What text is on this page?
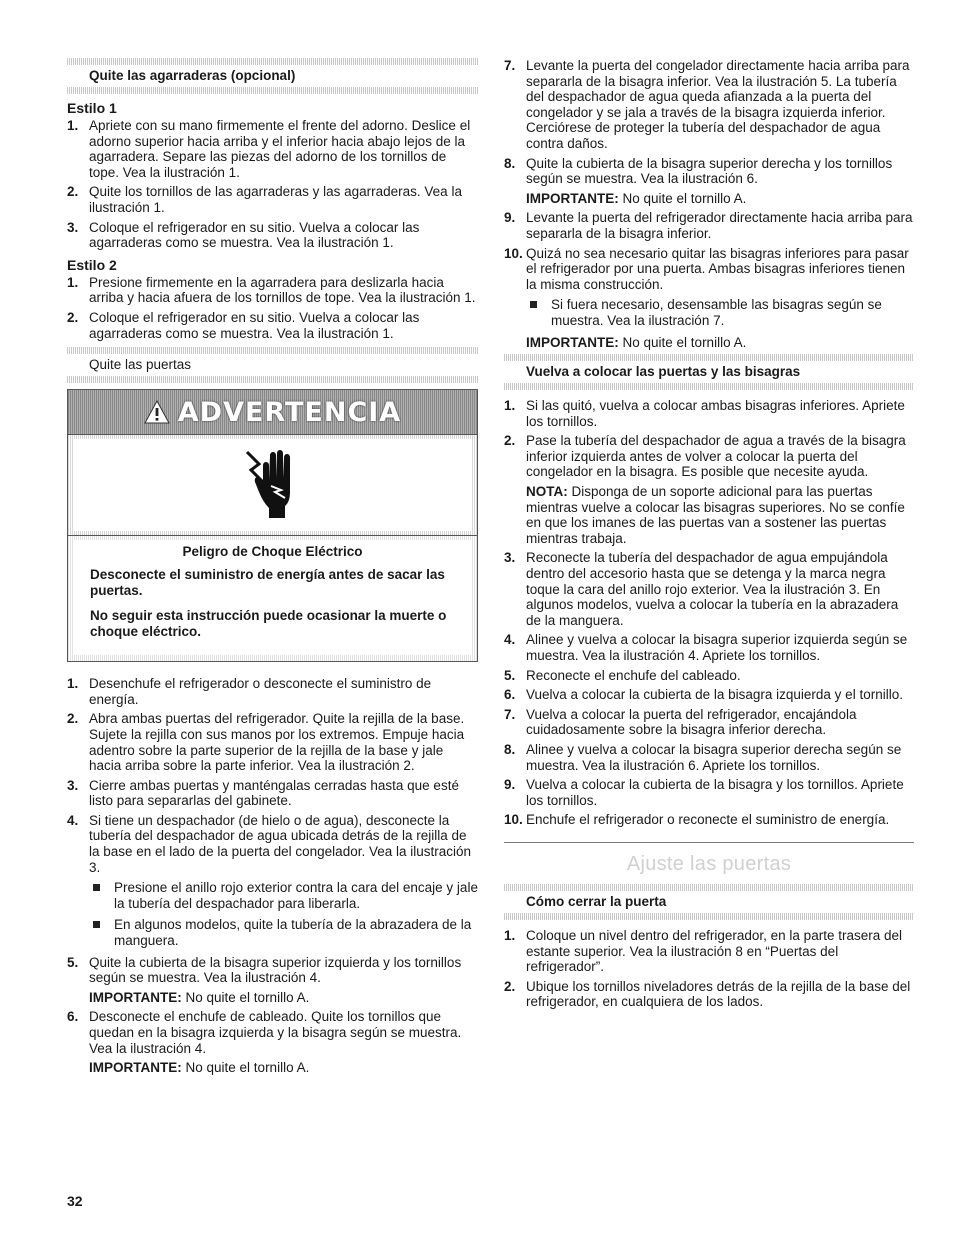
Quite las agarraderas (opcional)
Estilo 1
1. Apriete con su mano firmemente el frente del adorno. Deslice el adorno superior hacia arriba y el inferior hacia abajo lejos de la agarradera. Separe las piezas del adorno de los tornillos de tope. Vea la ilustración 1.
2. Quite los tornillos de las agarraderas y las agarraderas. Vea la ilustración 1.
3. Coloque el refrigerador en su sitio. Vuelva a colocar las agarraderas como se muestra. Vea la ilustración 1.
Estilo 2
1. Presione firmemente en la agarradera para deslizarla hacia arriba y hacia afuera de los tornillos de tope. Vea la ilustración 1.
2. Coloque el refrigerador en su sitio. Vuelva a colocar las agarraderas como se muestra. Vea la ilustración 1.
Quite las puertas
ADVERTENCIA
Peligro de Choque Eléctrico

Desconecte el suministro de energía antes de sacar las puertas.

No seguir esta instrucción puede ocasionar la muerte o choque eléctrico.

1. Desenchufe el refrigerador o desconecte el suministro de energía.
2. Abra ambas puertas del refrigerador. Quite la rejilla de la base. Sujete la rejilla con sus manos por los extremos. Empuje hacia adentro sobre la parte superior de la rejilla de la base y jale hacia arriba sobre la parte inferior. Vea la ilustración 2.
3. Cierre ambas puertas y manténgalas cerradas hasta que esté listo para separarlas del gabinete.
4. Si tiene un despachador (de hielo o de agua), desconecte la tubería del despachador de agua ubicada detrás de la rejilla de la base en el lado de la puerta del congelador. Vea la ilustración 3.
Presione el anillo rojo exterior contra la cara del encaje y jale la tubería del despachador para liberarla.
En algunos modelos, quite la tubería de la abrazadera de la manguera.
5. Quite la cubierta de la bisagra superior izquierda y los tornillos según se muestra. Vea la ilustración 4.
IMPORTANTE: No quite el tornillo A.
6. Desconecte el enchufe de cableado. Quite los tornillos que quedan en la bisagra izquierda y la bisagra según se muestra. Vea la ilustración 4.
IMPORTANTE: No quite el tornillo A.
7. Levante la puerta del congelador directamente hacia arriba para separarla de la bisagra inferior. Vea la ilustración 5. La tubería del despachador de agua queda afianzada a la puerta del congelador y se jala a través de la bisagra izquierda inferior. Cerciórese de proteger la tubería del despachador de agua contra daños.
8. Quite la cubierta de la bisagra superior derecha y los tornillos según se muestra. Vea la ilustración 6.
IMPORTANTE: No quite el tornillo A.
9. Levante la puerta del refrigerador directamente hacia arriba para separarla de la bisagra inferior.
10. Quizá no sea necesario quitar las bisagras inferiores para pasar el refrigerador por una puerta. Ambas bisagras inferiores tienen la misma construcción.
Si fuera necesario, desensamble las bisagras según se muestra. Vea la ilustración 7.
IMPORTANTE: No quite el tornillo A.
Vuelva a colocar las puertas y las bisagras
1. Si las quitó, vuelva a colocar ambas bisagras inferiores. Apriete los tornillos.
2. Pase la tubería del despachador de agua a través de la bisagra inferior izquierda antes de volver a colocar la puerta del congelador en la bisagra. Es posible que necesite ayuda.
NOTA: Disponga de un soporte adicional para las puertas mientras vuelve a colocar las bisagras superiores. No se confíe en que los imanes de las puertas van a sostener las puertas mientras trabaja.
3. Reconecte la tubería del despachador de agua empujándola dentro del accesorio hasta que se detenga y la marca negra toque la cara del anillo rojo exterior. Vea la ilustración 3. En algunos modelos, vuelva a colocar la tubería en la abrazadera de la manguera.
4. Alinee y vuelva a colocar la bisagra superior izquierda según se muestra. Vea la ilustración 4. Apriete los tornillos.
5. Reconecte el enchufe del cableado.
6. Vuelva a colocar la cubierta de la bisagra izquierda y el tornillo.
7. Vuelva a colocar la puerta del refrigerador, encajándola cuidadosamente sobre la bisagra inferior derecha.
8. Alinee y vuelva a colocar la bisagra superior derecha según se muestra. Vea la ilustración 6. Apriete los tornillos.
9. Vuelva a colocar la cubierta de la bisagra y los tornillos. Apriete los tornillos.
10. Enchufe el refrigerador o reconecte el suministro de energía.
Ajuste las puertas
Cómo cerrar la puerta
1. Coloque un nivel dentro del refrigerador, en la parte trasera del estante superior. Vea la ilustración 8 en “Puertas del refrigerador”.
2. Ubique los tornillos niveladores detrás de la rejilla de la base del refrigerador, en cualquiera de los lados.
32
